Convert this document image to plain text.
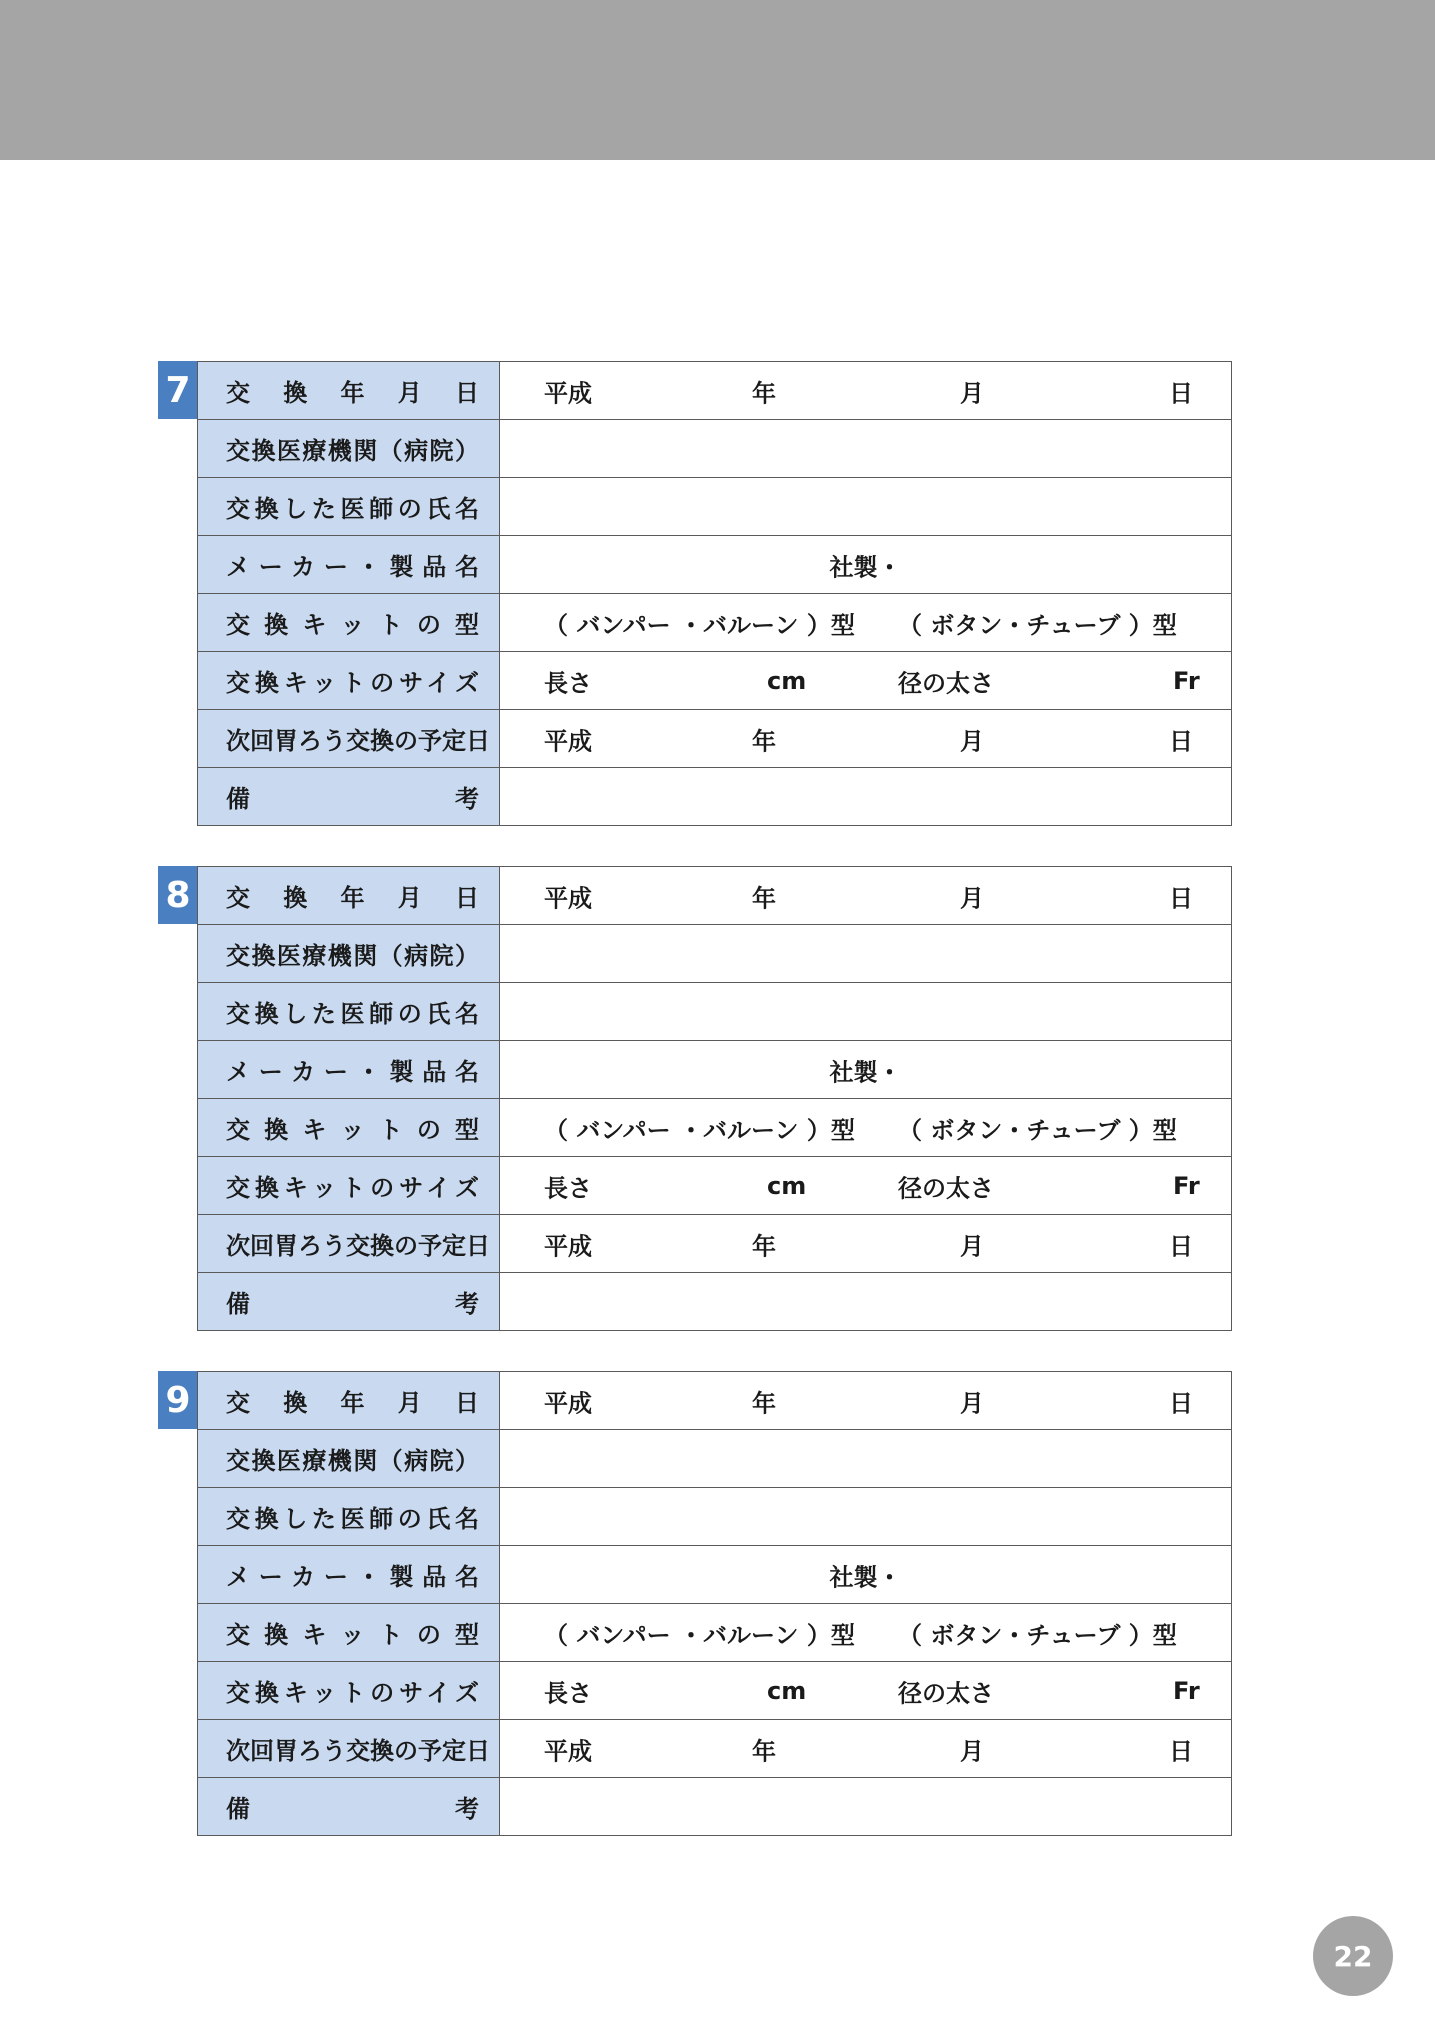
7	交 換 年 月 日	平成 年 月 日

交換医療機関（病院）	

交換した医師の氏名	

メーカー・製品名	社製・

交 換 キ ッ ト の 型	（ バンパー ・バルーン ）型 （ ボタン・チューブ ）型

交換キットのサイズ	長さ cm 径の太さ Fr

次回胃ろう交換の予定日	平成 年 月 日

備 考	

8	交 換 年 月 日	平成 年 月 日

交換医療機関（病院）	

交換した医師の氏名	

メーカー・製品名	社製・

交 換 キ ッ ト の 型	（ バンパー ・バルーン ）型 （ ボタン・チューブ ）型

交換キットのサイズ	長さ cm 径の太さ Fr

次回胃ろう交換の予定日	平成 年 月 日

備 考	

9	交 換 年 月 日	平成 年 月 日

交換医療機関（病院）	

交換した医師の氏名	

メーカー・製品名	社製・

交 換 キ ッ ト の 型	（ バンパー ・バルーン ）型 （ ボタン・チューブ ）型

交換キットのサイズ	長さ cm 径の太さ Fr

次回胃ろう交換の予定日	平成 年 月 日

備 考	

22
